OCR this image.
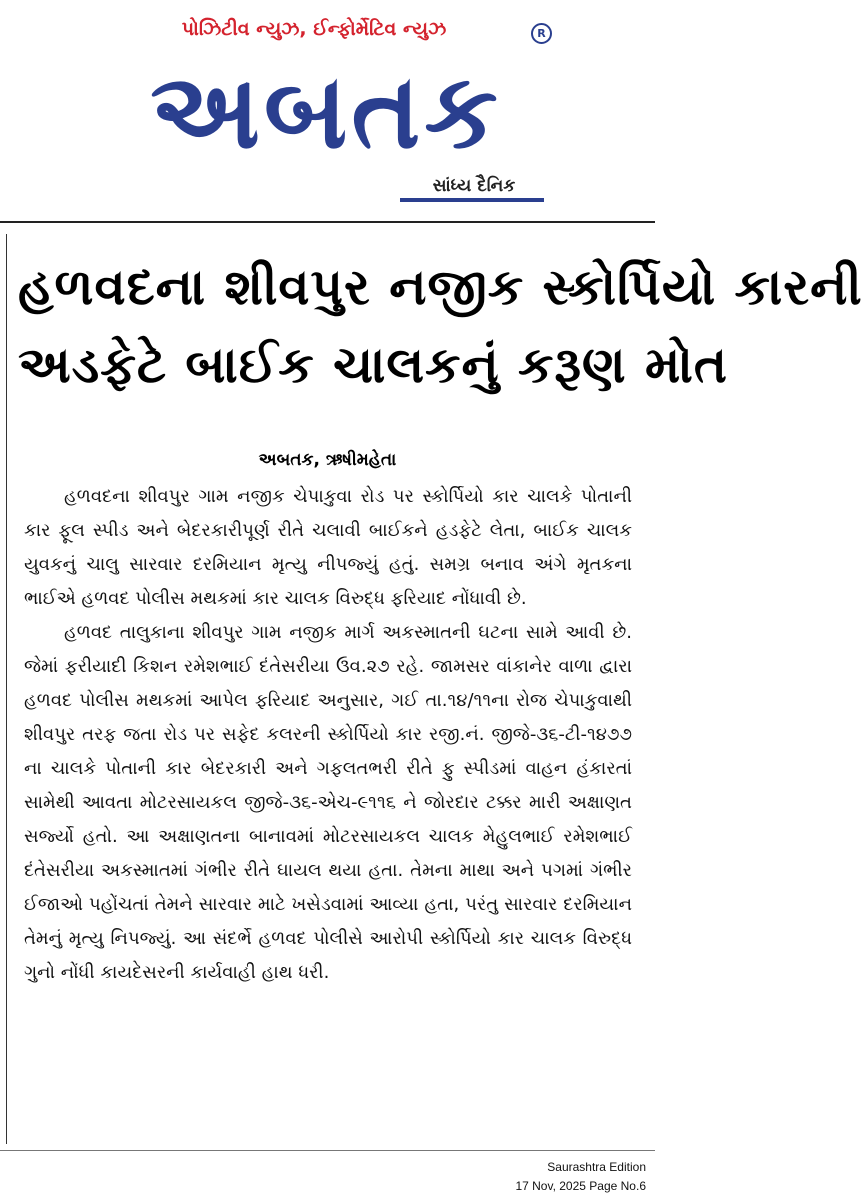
પોઝિટીવ ન્યુઝ, ઈન્ફોર્મેટિવ ન્યુઝ	R
અબતક
સાંધ્ય દૈનિક
હળવદના શીવપુર નજીક સ્કોર્પિયો કારની
અડફેટે બાઈક ચાલકનું કરૂણ મોત
અબતક, ઋષીમહેતા

હળવદના શીવપુર ગામ નજીક ચેપાકુવા રોડ પર સ્કોર્પિયો કાર ચાલકે પોતાની કાર ફૂલ સ્પીડ અને બેદરકારીપૂર્ણ રીતે ચલાવી બાઈકને હડફેટે લેતા, બાઈક ચાલક યુવકનું ચાલુ સારવાર દરમિયાન મૃત્યુ નીપજ્યું હતું. સમગ્ર બનાવ અંગે મૃતકના ભાઈએ હળવદ પોલીસ મથકમાં કાર ચાલક વિરુદ્ધ ફરિયાદ નોંધાવી છે.

હળવદ તાલુકાના શીવપુર ગામ નજીક માર્ગ અકસ્માતની ઘટના સામે આવી છે. જેમાં ફરીયાદી કિશન રમેશભાઈ દંતેસરીયા ઉવ.૨૭ રહે. જામસર વાંકાનેર વાળા દ્વારા હળવદ પોલીસ મથકમાં આપેલ ફરિયાદ અનુસાર, ગઈ તા.૧૪/૧૧ના રોજ ચેપાકુવાથી શીવપુર તરફ જતા રોડ પર સફેદ કલરની સ્કોર્પિયો કાર રજી.નં. જીજે-૩૬-ટી-૧૪૭૭ ના ચાલકે પોતાની કાર બેદરકારી અને ગફલતભરી રીતે ફુ સ્પીડમાં વાહન હંકારતાં સામેથી આવતા મોટરસાયકલ જીજે-૩૬-એચ-૯૧૧૬ ને જોરદાર ટક્કર મારી અક્ષાણત સર્જ્યો હતો. આ અક્ષાણતના બાનાવમાં મોટરસાયકલ ચાલક મેહુલભાઈ રમેશભાઈ દંતેસરીયા અકસ્માતમાં ગંભીર રીતે ઘાયલ થયા હતા. તેમના માથા અને પગમાં ગંભીર ઈજાઓ પહોંચતાં તેમને સારવાર માટે ખસેડવામાં આવ્યા હતા, પરંતુ સારવાર દરમિયાન તેમનું મૃત્યુ નિપજ્યું. આ સંદર્ભે હળવદ પોલીસે આરોપી સ્કોર્પિયો કાર ચાલક વિરુદ્ધ ગુનો નોંધી કાયદેસરની કાર્યવાહી હાથ ધરી.

Saurashtra Edition
17 Nov, 2025 Page No.6
